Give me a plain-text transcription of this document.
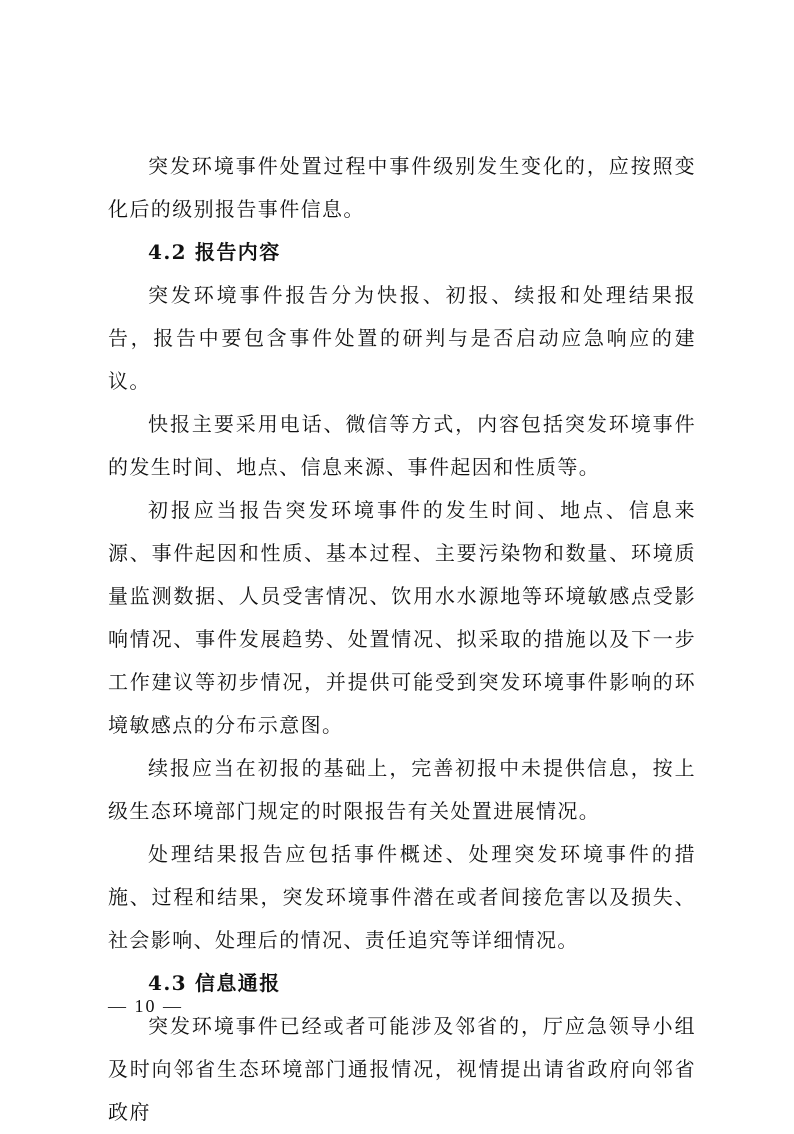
突发环境事件处置过程中事件级别发生变化的，应按照变化后的级别报告事件信息。

4.2 报告内容

突发环境事件报告分为快报、初报、续报和处理结果报告，报告中要包含事件处置的研判与是否启动应急响应的建议。

快报主要采用电话、微信等方式，内容包括突发环境事件的发生时间、地点、信息来源、事件起因和性质等。

初报应当报告突发环境事件的发生时间、地点、信息来源、事件起因和性质、基本过程、主要污染物和数量、环境质量监测数据、人员受害情况、饮用水水源地等环境敏感点受影响情况、事件发展趋势、处置情况、拟采取的措施以及下一步工作建议等初步情况，并提供可能受到突发环境事件影响的环境敏感点的分布示意图。

续报应当在初报的基础上，完善初报中未提供信息，按上级生态环境部门规定的时限报告有关处置进展情况。

处理结果报告应包括事件概述、处理突发环境事件的措施、过程和结果，突发环境事件潜在或者间接危害以及损失、社会影响、处理后的情况、责任追究等详细情况。

4.3 信息通报

突发环境事件已经或者可能涉及邻省的，厅应急领导小组及时向邻省生态环境部门通报情况，视情提出请省政府向邻省政府

— 10 —
